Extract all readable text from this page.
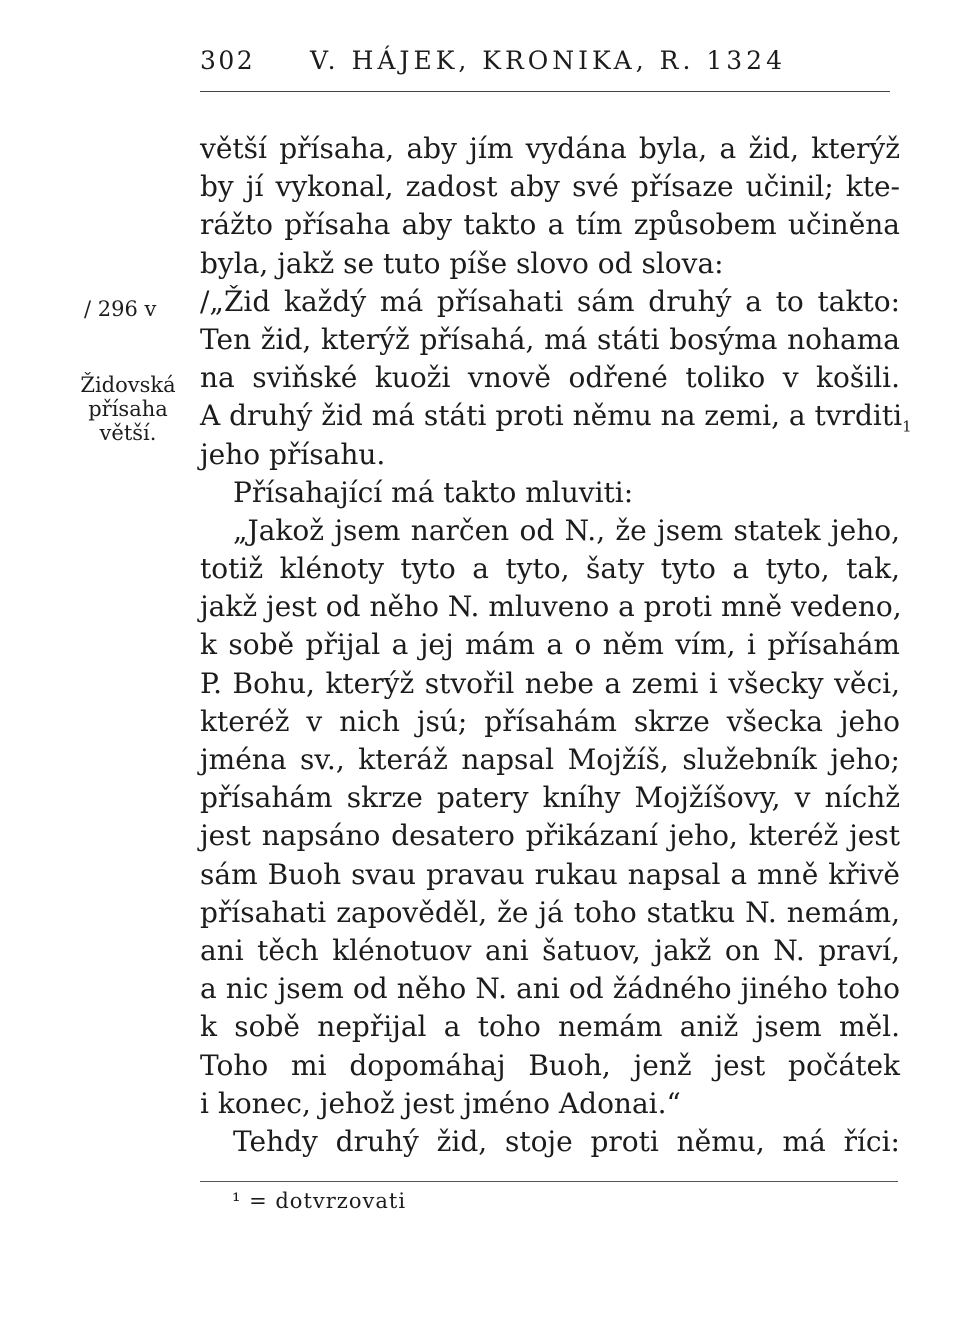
302 V. HÁJEK, KRONIKA, R. 1324
/ 296 v
Židovská
přísaha
větší.
větší přísaha, aby jím vydána byla, a žid, kterýž
by jí vykonal, zadost aby své přísaze učinil; kte-
rážto přísaha aby takto a tím způsobem učiněna
byla, jakž se tuto píše slovo od slova:
/„Žid každý má přísahati sám druhý a to takto:
Ten žid, kterýž přísahá, má státi bosýma nohama
na sviňské kuoži vnově odřené toliko v košili.
A druhý žid má státi proti němu na zemi, a tvrditi$_1$
jeho přísahu.
Přísahající má takto mluviti:
„Jakož jsem narčen od N., že jsem statek jeho,
totiž klénoty tyto a tyto, šaty tyto a tyto, tak,
jakž jest od něho N. mluveno a proti mně vedeno,
k sobě přijal a jej mám a o něm vím, i přísahám
P. Bohu, kterýž stvořil nebe a zemi i všecky věci,
kteréž v nich jsú; přísahám skrze všecka jeho
jména sv., kteráž napsal Mojžíš, služebník jeho;
přísahám skrze patery kníhy Mojžíšovy, v níchž
jest napsáno desatero přikázaní jeho, kteréž jest
sám Buoh svau pravau rukau napsal a mně křivě
přísahati zapověděl, že já toho statku N. nemám,
ani těch klénotuov ani šatuov, jakž on N. praví,
a nic jsem od něho N. ani od žádného jiného toho
k sobě nepřijal a toho nemám aniž jsem měl.
Toho mi dopomáhaj Buoh, jenž jest počátek
i konec, jehož jest jméno Adonai.“
Tehdy druhý žid, stoje proti němu, má říci:
¹ = dotvrzovati
